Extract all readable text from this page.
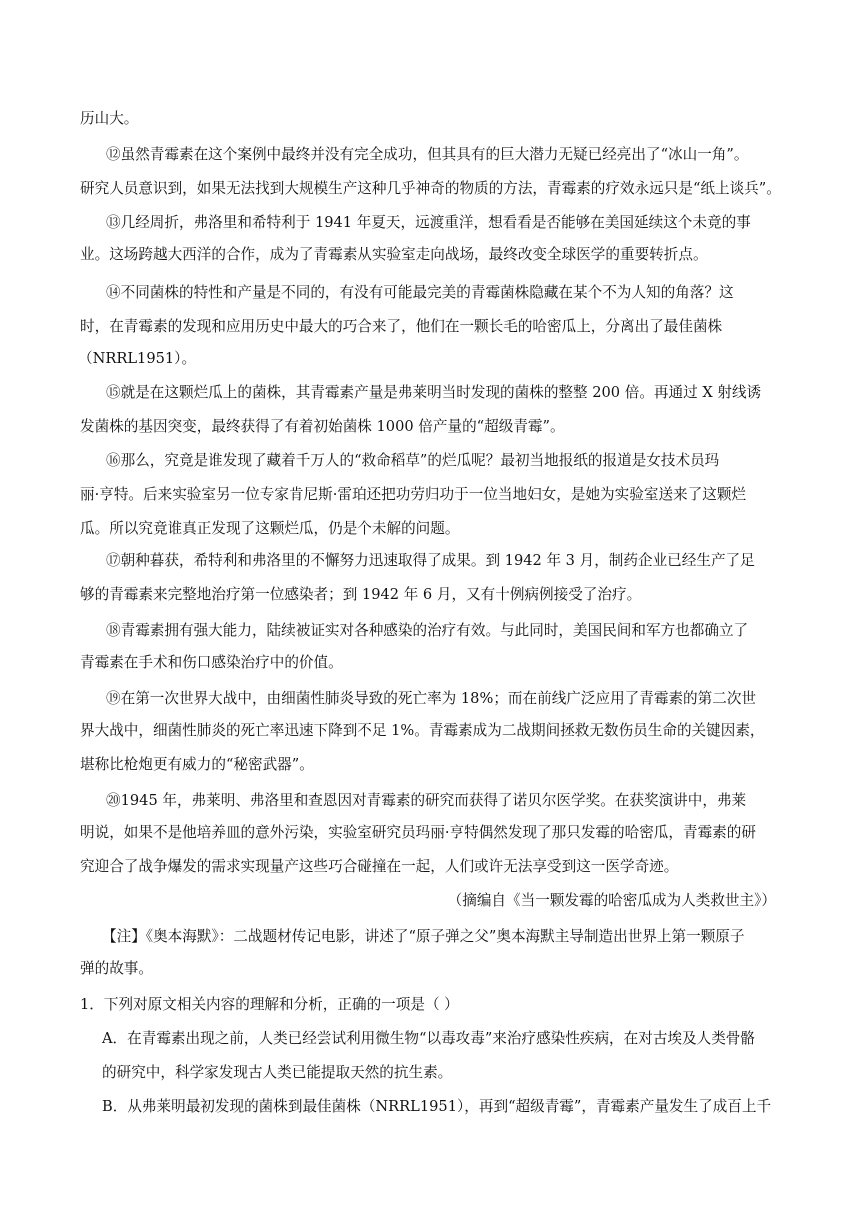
历山大。
⑫虽然青霉素在这个案例中最终并没有完全成功，但其具有的巨大潜力无疑已经亮出了“冰山一角”。
研究人员意识到，如果无法找到大规模生产这种几乎神奇的物质的方法，青霉素的疗效永远只是“纸上谈兵”。
⑬几经周折，弗洛里和希特利于 1941 年夏天，远渡重洋，想看看是否能够在美国延续这个未竟的事
业。这场跨越大西洋的合作，成为了青霉素从实验室走向战场，最终改变全球医学的重要转折点。
⑭不同菌株的特性和产量是不同的，有没有可能最完美的青霉菌株隐藏在某个不为人知的角落？这
时，在青霉素的发现和应用历史中最大的巧合来了，他们在一颗长毛的哈密瓜上，分离出了最佳菌株
（NRRL1951）。
⑮就是在这颗烂瓜上的菌株，其青霉素产量是弗莱明当时发现的菌株的整整 200 倍。再通过 X 射线诱
发菌株的基因突变，最终获得了有着初始菌株 1000 倍产量的“超级青霉”。
⑯那么，究竟是谁发现了藏着千万人的“救命稻草”的烂瓜呢？最初当地报纸的报道是女技术员玛
丽·亨特。后来实验室另一位专家肯尼斯·雷珀还把功劳归功于一位当地妇女，是她为实验室送来了这颗烂
瓜。所以究竟谁真正发现了这颗烂瓜，仍是个未解的问题。
⑰朝种暮获，希特利和弗洛里的不懈努力迅速取得了成果。到 1942 年 3 月，制药企业已经生产了足
够的青霉素来完整地治疗第一位感染者；到 1942 年 6 月，又有十例病例接受了治疗。
⑱青霉素拥有强大能力，陆续被证实对各种感染的治疗有效。与此同时，美国民间和军方也都确立了
青霉素在手术和伤口感染治疗中的价值。
⑲在第一次世界大战中，由细菌性肺炎导致的死亡率为 18%；而在前线广泛应用了青霉素的第二次世
界大战中，细菌性肺炎的死亡率迅速下降到不足 1%。青霉素成为二战期间拯救无数伤员生命的关键因素，
堪称比枪炮更有威力的“秘密武器”。
⑳1945 年，弗莱明、弗洛里和查恩因对青霉素的研究而获得了诺贝尔医学奖。在获奖演讲中，弗莱
明说，如果不是他培养皿的意外污染，实验室研究员玛丽·亨特偶然发现了那只发霉的哈密瓜，青霉素的研
究迎合了战争爆发的需求实现量产这些巧合碰撞在一起，人们或许无法享受到这一医学奇迹。
（摘编自《当一颗发霉的哈密瓜成为人类救世主》）
【注】《奥本海默》：二战题材传记电影，讲述了“原子弹之父”奥本海默主导制造出世界上第一颗原子
弹的故事。
1．下列对原文相关内容的理解和分析，正确的一项是（ ）
A．在青霉素出现之前，人类已经尝试利用微生物“以毒攻毒”来治疗感染性疾病，在对古埃及人类骨骼
的研究中，科学家发现古人类已能提取天然的抗生素。
B．从弗莱明最初发现的菌株到最佳菌株（NRRL1951），再到“超级青霉”，青霉素产量发生了成百上千
